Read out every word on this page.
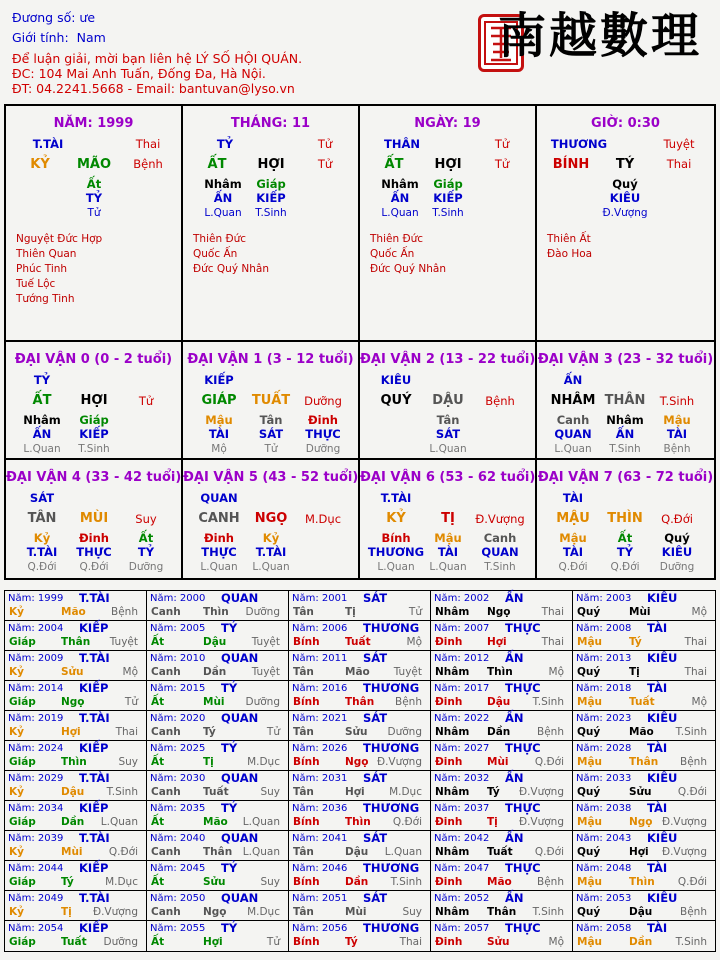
Đương số: ưe
Giới tính: Nam
Để luận giải, mời bạn liên hệ LÝ SỐ HỘI QUÁN.
ĐC: 104 Mai Anh Tuấn, Đống Đa, Hà Nội.
ĐT: 04.2241.5668 - Email: bantuvan@lyso.vn
南越數理
NĂM: 1999
T.TÀI	Thai
KỶ MÃO Bệnh
Ất
TỶ
Tử
Nguyệt Đức Hợp
Thiên Quan
Phúc Tinh
Tuế Lộc
Tướng Tinh
THÁNG: 11
TỶ	Tử
ẤT HỢI	Tử
Nhâm
ẤN
L.Quan
Giáp
KIẾP
T.Sinh
Thiên Đức
Quốc Ấn
Đức Quý Nhân
NGÀY: 19
THÂN	Tử
ẤT HỢI	Tử
Nhâm
ẤN
L.Quan
Giáp
KIẾP
T.Sinh
Thiên Đức
Quốc Ấn
Đức Quý Nhân
GIỜ: 0:30
THƯƠNG	Tuyệt
BÍNH TÝ	Thai
Quý
KIÊU
Đ.Vượng
Thiên Ất
Đào Hoa
ĐẠI VẬN 0 (0 - 2 tuổi)
TỶ
ẤT HỢI	Tử
Nhâm
ẤN
L.Quan
Giáp
KIẾP
T.Sinh
ĐẠI VẬN 1 (3 - 12 tuổi)
KIẾP
GIÁP TUẤT Dưỡng
Mậu
TÀI
Mộ
Tân
SÁT
Tử
Đinh
THỰC
Dưỡng
ĐẠI VẬN 2 (13 - 22 tuổi)
KIÊU
QUÝ DẬU Bệnh
Tân
SÁT
L.Quan
ĐẠI VẬN 3 (23 - 32 tuổi)
ẤN
NHÂM THÂN T.Sinh
Canh
QUAN
L.Quan
Nhâm
ẤN
T.Sinh
Mậu
TÀI
Bệnh
ĐẠI VẬN 4 (33 - 42 tuổi)
SÁT
TÂN MÙI Suy
Kỷ
T.TÀI
Q.Đới
Đinh
THỰC
Q.Đới
Ất
TỶ
Dưỡng
ĐẠI VẬN 5 (43 - 52 tuổi)
QUAN
CANH NGỌ M.Dục
Đinh
THỰC
L.Quan
Kỷ
T.TÀI
L.Quan
ĐẠI VẬN 6 (53 - 62 tuổi)
T.TÀI
KỶ	TỊ Đ.Vượng
Bính
THƯƠNG
L.Quan
Mậu
TÀI
L.Quan
Canh
QUAN
T.Sinh
ĐẠI VẬN 7 (63 - 72 tuổi)
TÀI
MẬU THÌN Q.Đới
Mậu
TÀI
Q.Đới
Ất
TỶ
Q.Đới
Quý
KIÊU
Dưỡng
Năm: 1999 T.TÀI
Kỷ	Mão Bệnh
Năm: 2000 QUAN
Canh Thìn Dưỡng
Năm: 2001 SÁT
Tân	Tị	Tử
Năm: 2002 ẤN
Nhâm Ngọ	Thai
Năm: 2003 KIÊU
Quý	Mùi	Mộ
Năm: 2004 KIẾP
Giáp Thân Tuyệt
Năm: 2005 TỶ
Ất	Dậu Tuyệt
Năm: 2006 THƯƠNG
Bính Tuất	Mộ
Năm: 2007 THỰC
Đinh Hợi	Thai
Năm: 2008 TÀI
Mậu	Tý	Thai
Năm: 2009 T.TÀI
Kỷ	Sửu	Mộ
Năm: 2010 QUAN
Canh Dần Tuyệt
Năm: 2011 SÁT
Tân	Mão Tuyệt
Năm: 2012 ẤN
Nhâm Thìn	Mộ
Năm: 2013 KIÊU
Quý	Tị	Thai
Năm: 2014 KIẾP
Giáp Ngọ	Tử
Năm: 2015 TỶ
Ất	Mùi Dưỡng
Năm: 2016 THƯƠNG
Bính Thân Bệnh
Năm: 2017 THỰC
Đinh Dậu T.Sinh
Năm: 2018 TÀI
Mậu	Tuất	Mộ
Năm: 2019 T.TÀI
Kỷ	Hợi	Thai
Năm: 2020 QUAN
Canh Tý	Tử
Năm: 2021 SÁT
Tân	Sửu Dưỡng
Năm: 2022 ẤN
Nhâm Dần	Bệnh
Năm: 2023 KIÊU
Quý	Mão T.Sinh
Năm: 2024 KIẾP
Giáp Thìn	Suy
Năm: 2025 TỶ
Ất	Tị	M.Dục
Năm: 2026 THƯƠNG
Bính Ngọ Đ.Vượng
Năm: 2027 THỰC
Đinh Mùi	Q.Đới
Năm: 2028 TÀI
Mậu	Thân Bệnh
Năm: 2029 T.TÀI
Kỷ	Dậu T.Sinh
Năm: 2030 QUAN
Canh Tuất	Suy
Năm: 2031 SÁT
Tân	Hợi M.Dục
Năm: 2032 ẤN
Nhâm Tý Đ.Vượng
Năm: 2033 KIÊU
Quý	Sửu	Q.Đới
Năm: 2034 KIẾP
Giáp Dần L.Quan
Năm: 2035 TỶ
Ất	Mão L.Quan
Năm: 2036 THƯƠNG
Bính Thìn Q.Đới
Năm: 2037 THỰC
Đinh Tị Đ.Vượng
Năm: 2038 TÀI
Mậu	Ngọ Đ.Vượng
Năm: 2039 T.TÀI
Kỷ	Mùi	Q.Đới
Năm: 2040 QUAN
Canh Thân L.Quan
Năm: 2041 SÁT
Tân	Dậu L.Quan
Năm: 2042 ẤN
Nhâm Tuất Q.Đới
Năm: 2043 KIÊU
Quý	Hợi Đ.Vượng
Năm: 2044 KIẾP
Giáp Tý	M.Dục
Năm: 2045 TỶ
Ất	Sửu	Suy
Năm: 2046 THƯƠNG
Bính Dần T.Sinh
Năm: 2047 THỰC
Đinh Mão Bệnh
Năm: 2048 TÀI
Mậu	Thìn Q.Đới
Năm: 2049 T.TÀI
Kỷ	Tị Đ.Vượng
Năm: 2050 QUAN
Canh Ngọ M.Dục
Năm: 2051 SÁT
Tân	Mùi	Suy
Năm: 2052 ẤN
Nhâm Thân T.Sinh
Năm: 2053 KIÊU
Quý	Dậu	Bệnh
Năm: 2054 KIẾP
Giáp Tuất Dưỡng
Năm: 2055 TỶ
Ất	Hợi	Tử
Năm: 2056 THƯƠNG
Bính Tý	Thai
Năm: 2057 THỰC
Đinh Sửu	Mộ
Năm: 2058 TÀI
Mậu	Dần T.Sinh
